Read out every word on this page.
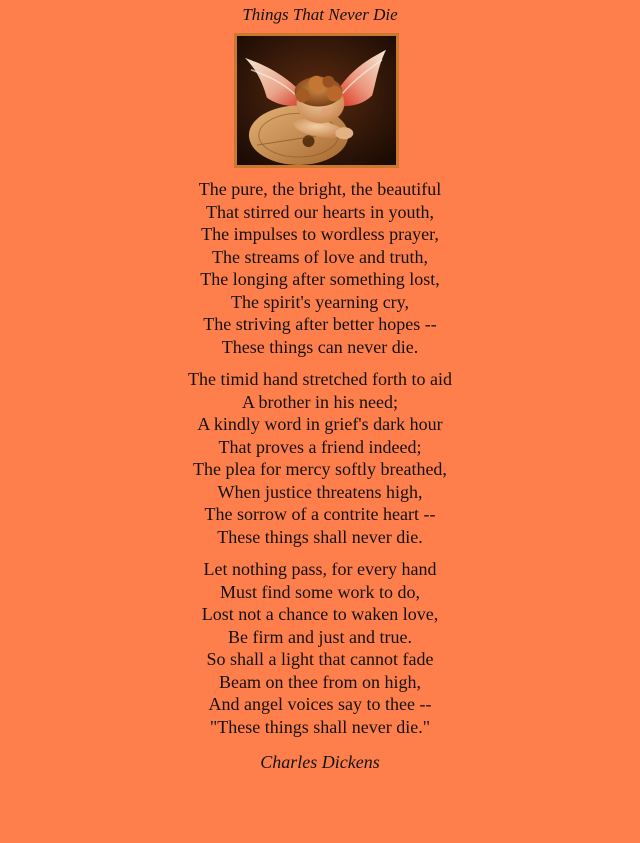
Things That Never Die
The pure, the bright, the beautiful
That stirred our hearts in youth,
The impulses to wordless prayer,
The streams of love and truth,
The longing after something lost,
The spirit's yearning cry,
The striving after better hopes --
These things can never die.
The timid hand stretched forth to aid
A brother in his need;
A kindly word in grief's dark hour
That proves a friend indeed;
The plea for mercy softly breathed,
When justice threatens high,
The sorrow of a contrite heart --
These things shall never die.
Let nothing pass, for every hand
Must find some work to do,
Lost not a chance to waken love,
Be firm and just and true.
So shall a light that cannot fade
Beam on thee from on high,
And angel voices say to thee --
"These things shall never die."
Charles Dickens
